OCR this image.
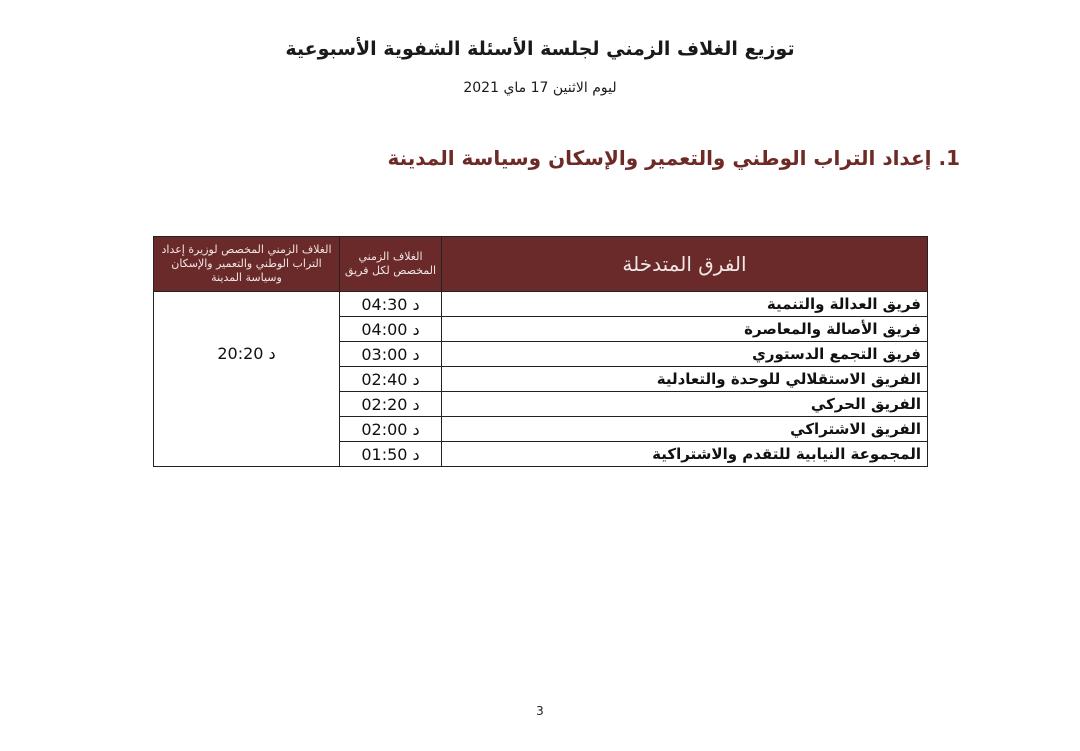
توزيع الغلاف الزمني لجلسة الأسئلة الشفوية الأسبوعية
ليوم الاثنين 17 ماي 2021
1. إعداد التراب الوطني والتعمير والإسكان وسياسة المدينة
الفرق المتدخلة	الغلاف الزمني المخصص لكل فريق	الغلاف الزمني المخصص لوزيرة إعداد التراب الوطني والتعمير والإسكان وسياسة المدينة
فريق العدالة والتنمية	04:30 د	20:20 د
فريق الأصالة والمعاصرة	04:00 د	
فريق التجمع الدستوري	03:00 د	
الفريق الاستقلالي للوحدة والتعادلية	02:40 د	
الفريق الحركي	02:20 د	
الفريق الاشتراكي	02:00 د	
المجموعة النيابية للتقدم والاشتراكية	01:50 د	
3
